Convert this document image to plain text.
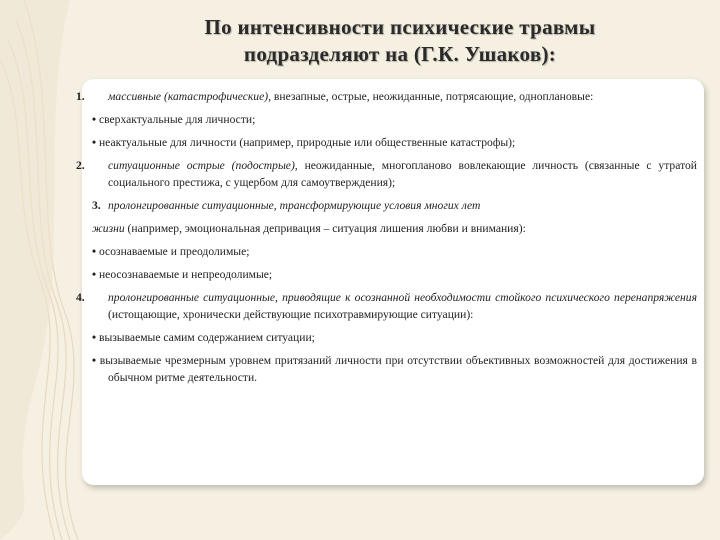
По интенсивности психические травмы
подразделяют на (Г.К. Ушаков):

1. массивные (катастрофические), внезапные, острые, неожиданные, потрясающие, одноплановые:

• сверхактуальные для личности;

• неактуальные для личности (например, природные или общественные катастрофы);

2. ситуационные острые (подострые), неожиданные, многопланово вовлекающие личность (связанные с утратой социального престижа, с ущербом для самоутверждения);

3. пролонгированные ситуационные, трансформирующие условия многих лет

жизни (например, эмоциональная депривация – ситуация лишения любви и внимания):

• осознаваемые и преодолимые;

• неосознаваемые и непреодолимые;

4. пролонгированные ситуационные, приводящие к осознанной необходимости стойкого психического перенапряжения (истощающие, хронически действующие психотравмирующие ситуации):

• вызываемые самим содержанием ситуации;

• вызываемые чрезмерным уровнем притязаний личности при отсутствии объективных возможностей для достижения в обычном ритме деятельности.
